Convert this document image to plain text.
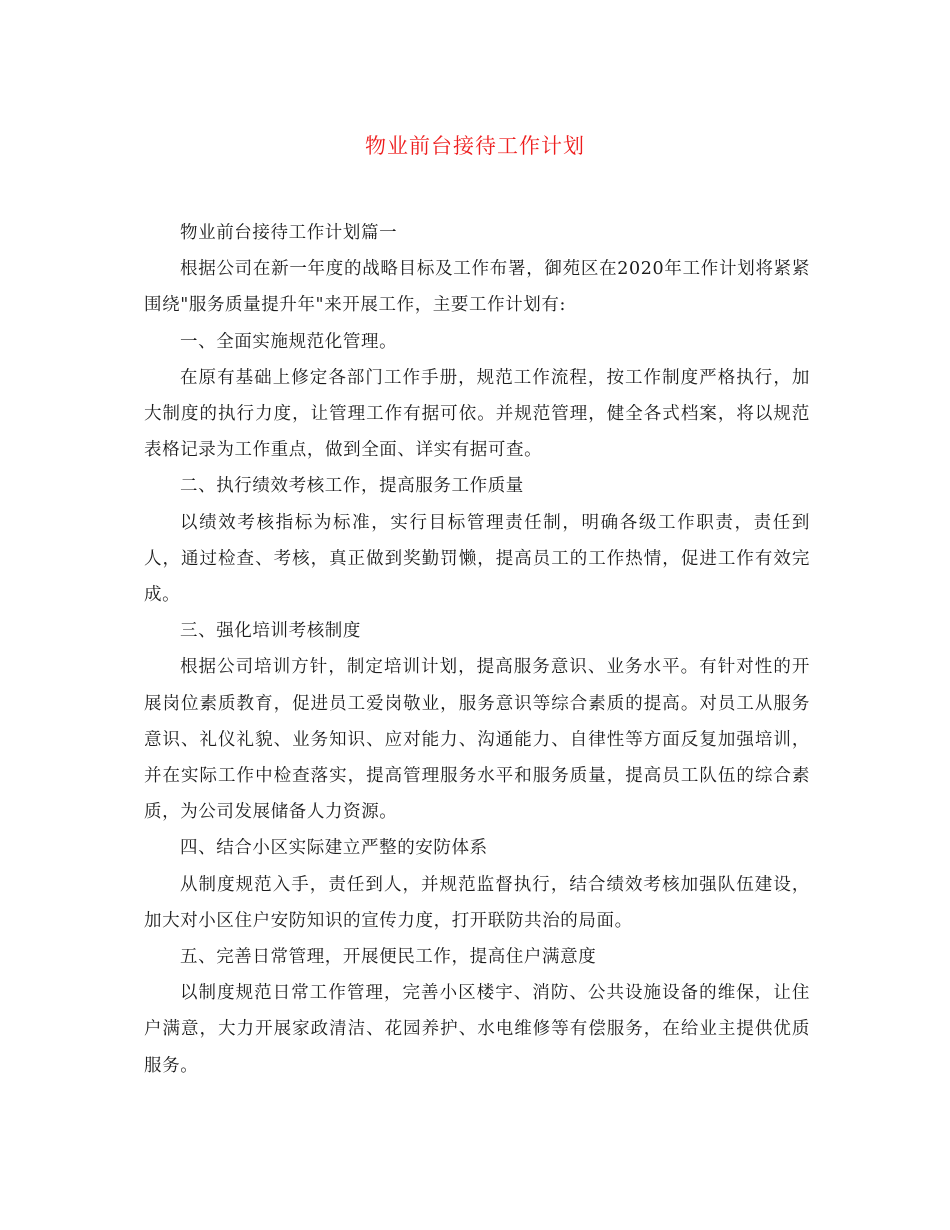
物业前台接待工作计划

物业前台接待工作计划篇一

根据公司在新一年度的战略目标及工作布署，御苑区在2020年工作计划将紧紧围绕"服务质量提升年"来开展工作，主要工作计划有:

一、全面实施规范化管理。

在原有基础上修定各部门工作手册，规范工作流程，按工作制度严格执行，加大制度的执行力度，让管理工作有据可依。并规范管理，健全各式档案，将以规范表格记录为工作重点，做到全面、详实有据可查。

二、执行绩效考核工作，提高服务工作质量

以绩效考核指标为标准，实行目标管理责任制，明确各级工作职责，责任到人，通过检查、考核，真正做到奖勤罚懒，提高员工的工作热情，促进工作有效完成。

三、强化培训考核制度

根据公司培训方针，制定培训计划，提高服务意识、业务水平。有针对性的开展岗位素质教育，促进员工爱岗敬业，服务意识等综合素质的提高。对员工从服务意识、礼仪礼貌、业务知识、应对能力、沟通能力、自律性等方面反复加强培训，并在实际工作中检查落实，提高管理服务水平和服务质量，提高员工队伍的综合素质，为公司发展储备人力资源。

四、结合小区实际建立严整的安防体系

从制度规范入手，责任到人，并规范监督执行，结合绩效考核加强队伍建设，加大对小区住户安防知识的宣传力度，打开联防共治的局面。

五、完善日常管理，开展便民工作，提高住户满意度

以制度规范日常工作管理，完善小区楼宇、消防、公共设施设备的维保，让住户满意，大力开展家政清洁、花园养护、水电维修等有偿服务，在给业主提供优质服务。
